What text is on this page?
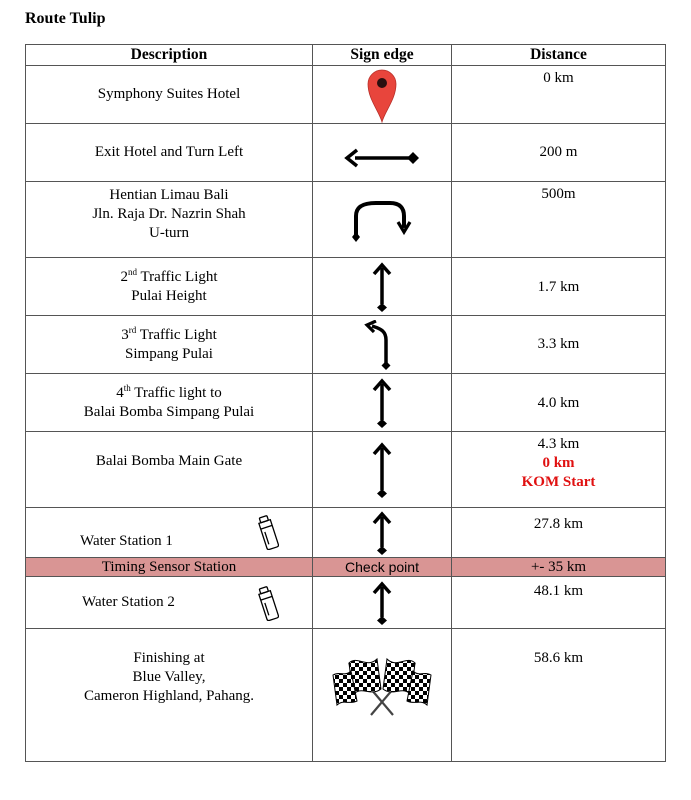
Route Tulip
Description	Sign edge	Distance
Symphony Suites Hotel		0 km
Exit Hotel and Turn Left		200 m

Hentian Limau Bali
Jln. Raja Dr. Nazrin Shah
U-turn		500m

2nd Traffic Light
Pulai Height		1.7 km

3rd Traffic Light
Simpang Pulai		3.3 km

4th Traffic light to
Balai Bomba Simpang Pulai		4.0 km
Balai Bomba Main Gate		4.3 km
0 km
KOM Start

Water Station 1		27.8 km
Timing Sensor Station	Check point	+- 35 km
Water Station 2		48.1 km

Finishing at
Blue Valley,
Cameron Highland, Pahang.		58.6 km
